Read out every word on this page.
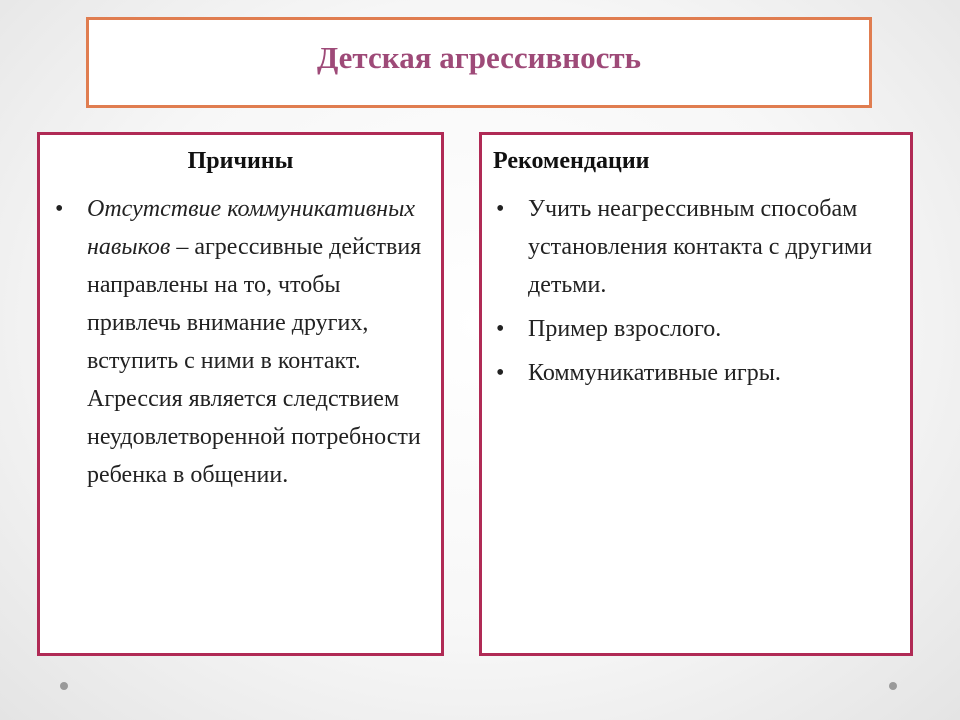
Детская агрессивность
Причины
• Отсутствие коммуникативных навыков – агрессивные действия направлены на то, чтобы привлечь внимание других, вступить с ними в контакт. Агрессия является следствием неудовлетворенной потребности ребенка в общении.
Рекомендации
• Учить неагрессивным способам установления контакта с другими детьми.
• Пример взрослого.
• Коммуникативные игры.
